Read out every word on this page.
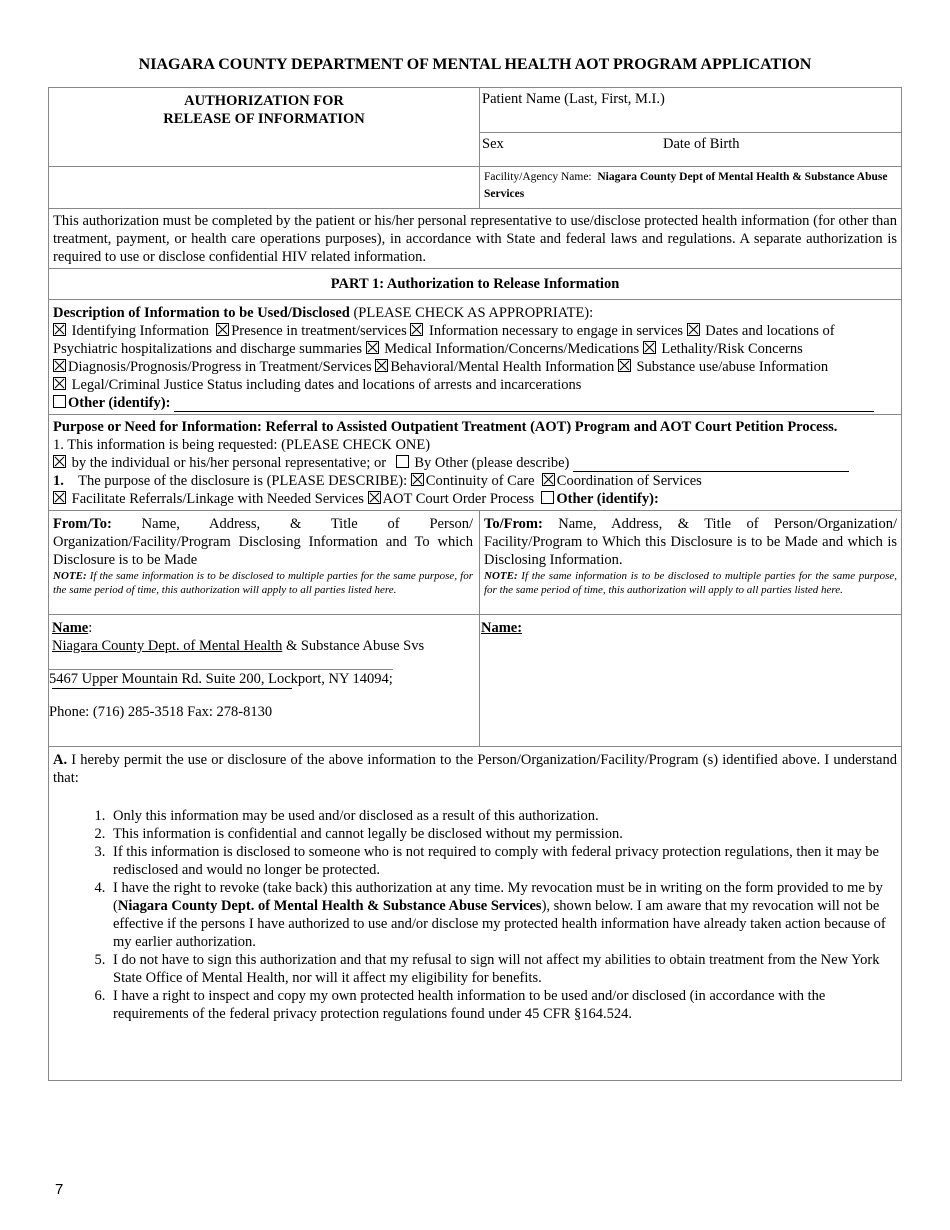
NIAGARA COUNTY DEPARTMENT OF MENTAL HEALTH AOT PROGRAM APPLICATION
AUTHORIZATION FOR
RELEASE OF INFORMATION
Patient Name (Last, First, M.I.)
Sex	Date of Birth
Facility/Agency Name: Niagara County Dept of Mental Health & Substance Abuse Services
This authorization must be completed by the patient or his/her personal representative to use/disclose protected health information (for other than treatment, payment, or health care operations purposes), in accordance with State and federal laws and regulations. A separate authorization is required to use or disclose confidential HIV related information.
PART 1: Authorization to Release Information
Description of Information to be Used/Disclosed (PLEASE CHECK AS APPROPRIATE):
Identifying Information Presence in treatment/services Information necessary to engage in services Dates and locations of
Psychiatric hospitalizations and discharge summaries Medical Information/Concerns/Medications Lethality/Risk Concerns
Diagnosis/Prognosis/Progress in Treatment/Services Behavioral/Mental Health Information Substance use/abuse Information
Legal/Criminal Justice Status including dates and locations of arrests and incarcerations
Other (identify):
Purpose or Need for Information: Referral to Assisted Outpatient Treatment (AOT) Program and AOT Court Petition Process.
1. This information is being requested: (PLEASE CHECK ONE)
by the individual or his/her personal representative; or By Other (please describe)
1. The purpose of the disclosure is (PLEASE DESCRIBE): Continuity of Care Coordination of Services
Facilitate Referrals/Linkage with Needed Services AOT Court Order Process Other (identify):
From/To: Name, Address, & Title of Person/ Organization/Facility/Program Disclosing Information and To which Disclosure is to be Made
NOTE: If the same information is to be disclosed to multiple parties for the same purpose, for the same period of time, this authorization will apply to all parties listed here.
To/From: Name, Address, & Title of Person/Organization/ Facility/Program to Which this Disclosure is to be Made and which is Disclosing Information.
NOTE: If the same information is to be disclosed to multiple parties for the same purpose, for the same period of time, this authorization will apply to all parties listed here.
Name:
Niagara County Dept. of Mental Health & Substance Abuse Svs
5467 Upper Mountain Rd. Suite 200, Lockport, NY 14094;
Phone: (716) 285-3518 Fax: 278-8130
Name:
A. I hereby permit the use or disclosure of the above information to the Person/Organization/Facility/Program (s) identified above. I understand that:
1. Only this information may be used and/or disclosed as a result of this authorization.
2. This information is confidential and cannot legally be disclosed without my permission.
3. If this information is disclosed to someone who is not required to comply with federal privacy protection regulations, then it may be redisclosed and would no longer be protected.
4. I have the right to revoke (take back) this authorization at any time. My revocation must be in writing on the form provided to me by (Niagara County Dept. of Mental Health & Substance Abuse Services), shown below. I am aware that my revocation will not be effective if the persons I have authorized to use and/or disclose my protected health information have already taken action because of my earlier authorization.
5. I do not have to sign this authorization and that my refusal to sign will not affect my abilities to obtain treatment from the New York State Office of Mental Health, nor will it affect my eligibility for benefits.
6. I have a right to inspect and copy my own protected health information to be used and/or disclosed (in accordance with the requirements of the federal privacy protection regulations found under 45 CFR §164.524.
7
